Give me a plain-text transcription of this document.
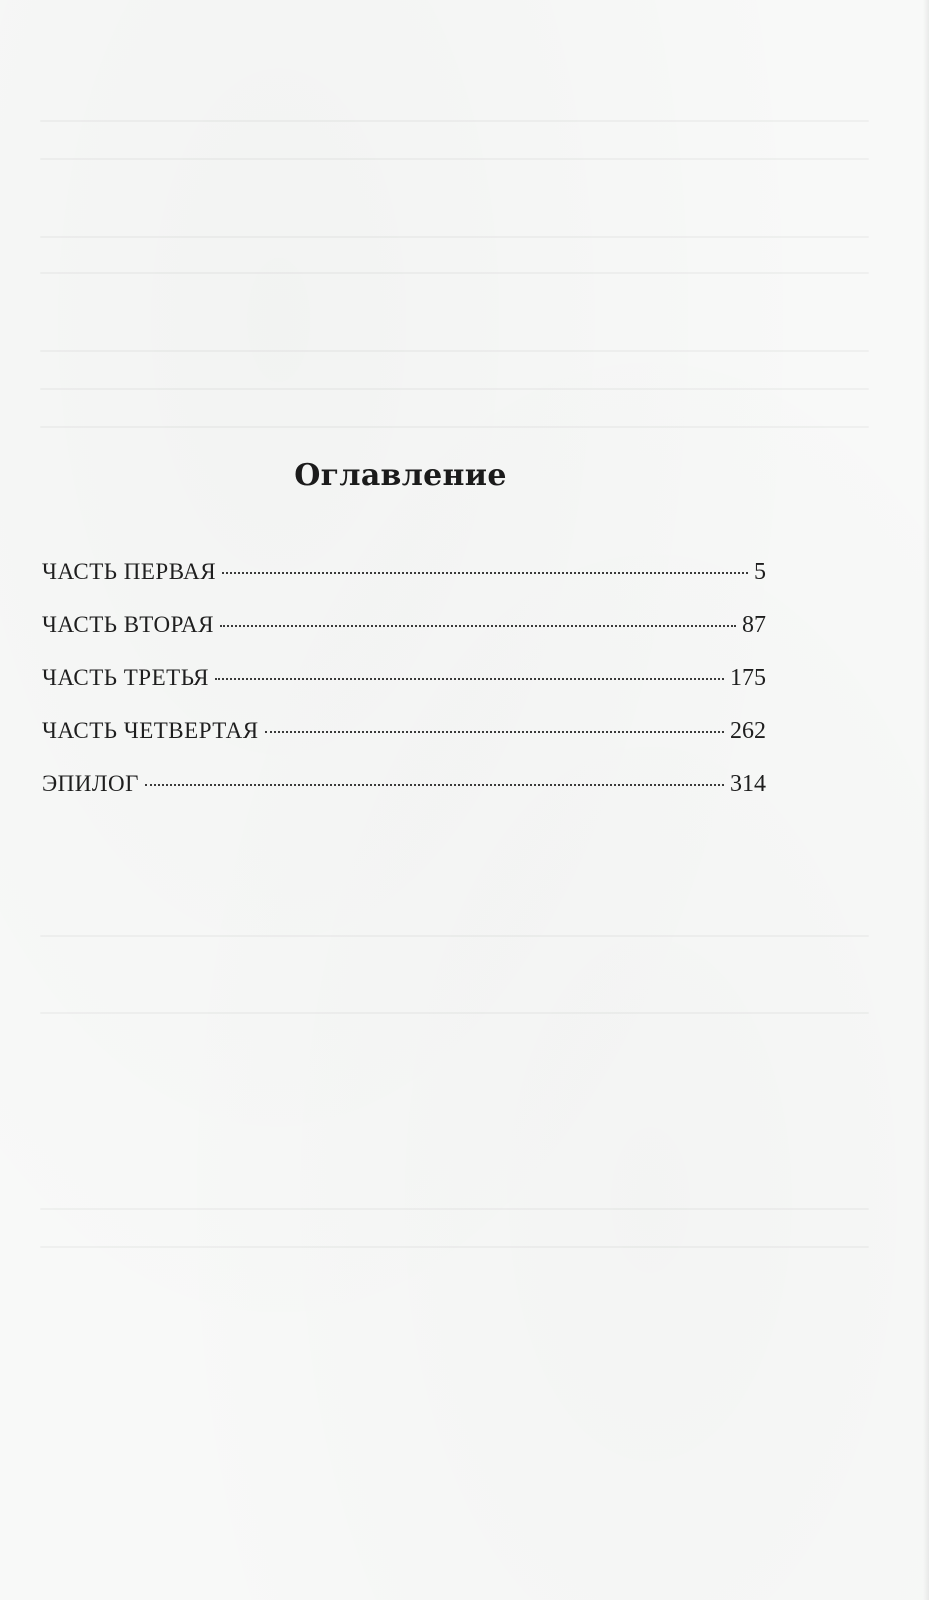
Оглавление
ЧАСТЬ ПЕРВАЯ	5
ЧАСТЬ ВТОРАЯ	87
ЧАСТЬ ТРЕТЬЯ	175
ЧАСТЬ ЧЕТВЕРТАЯ	262
ЭПИЛОГ	314
